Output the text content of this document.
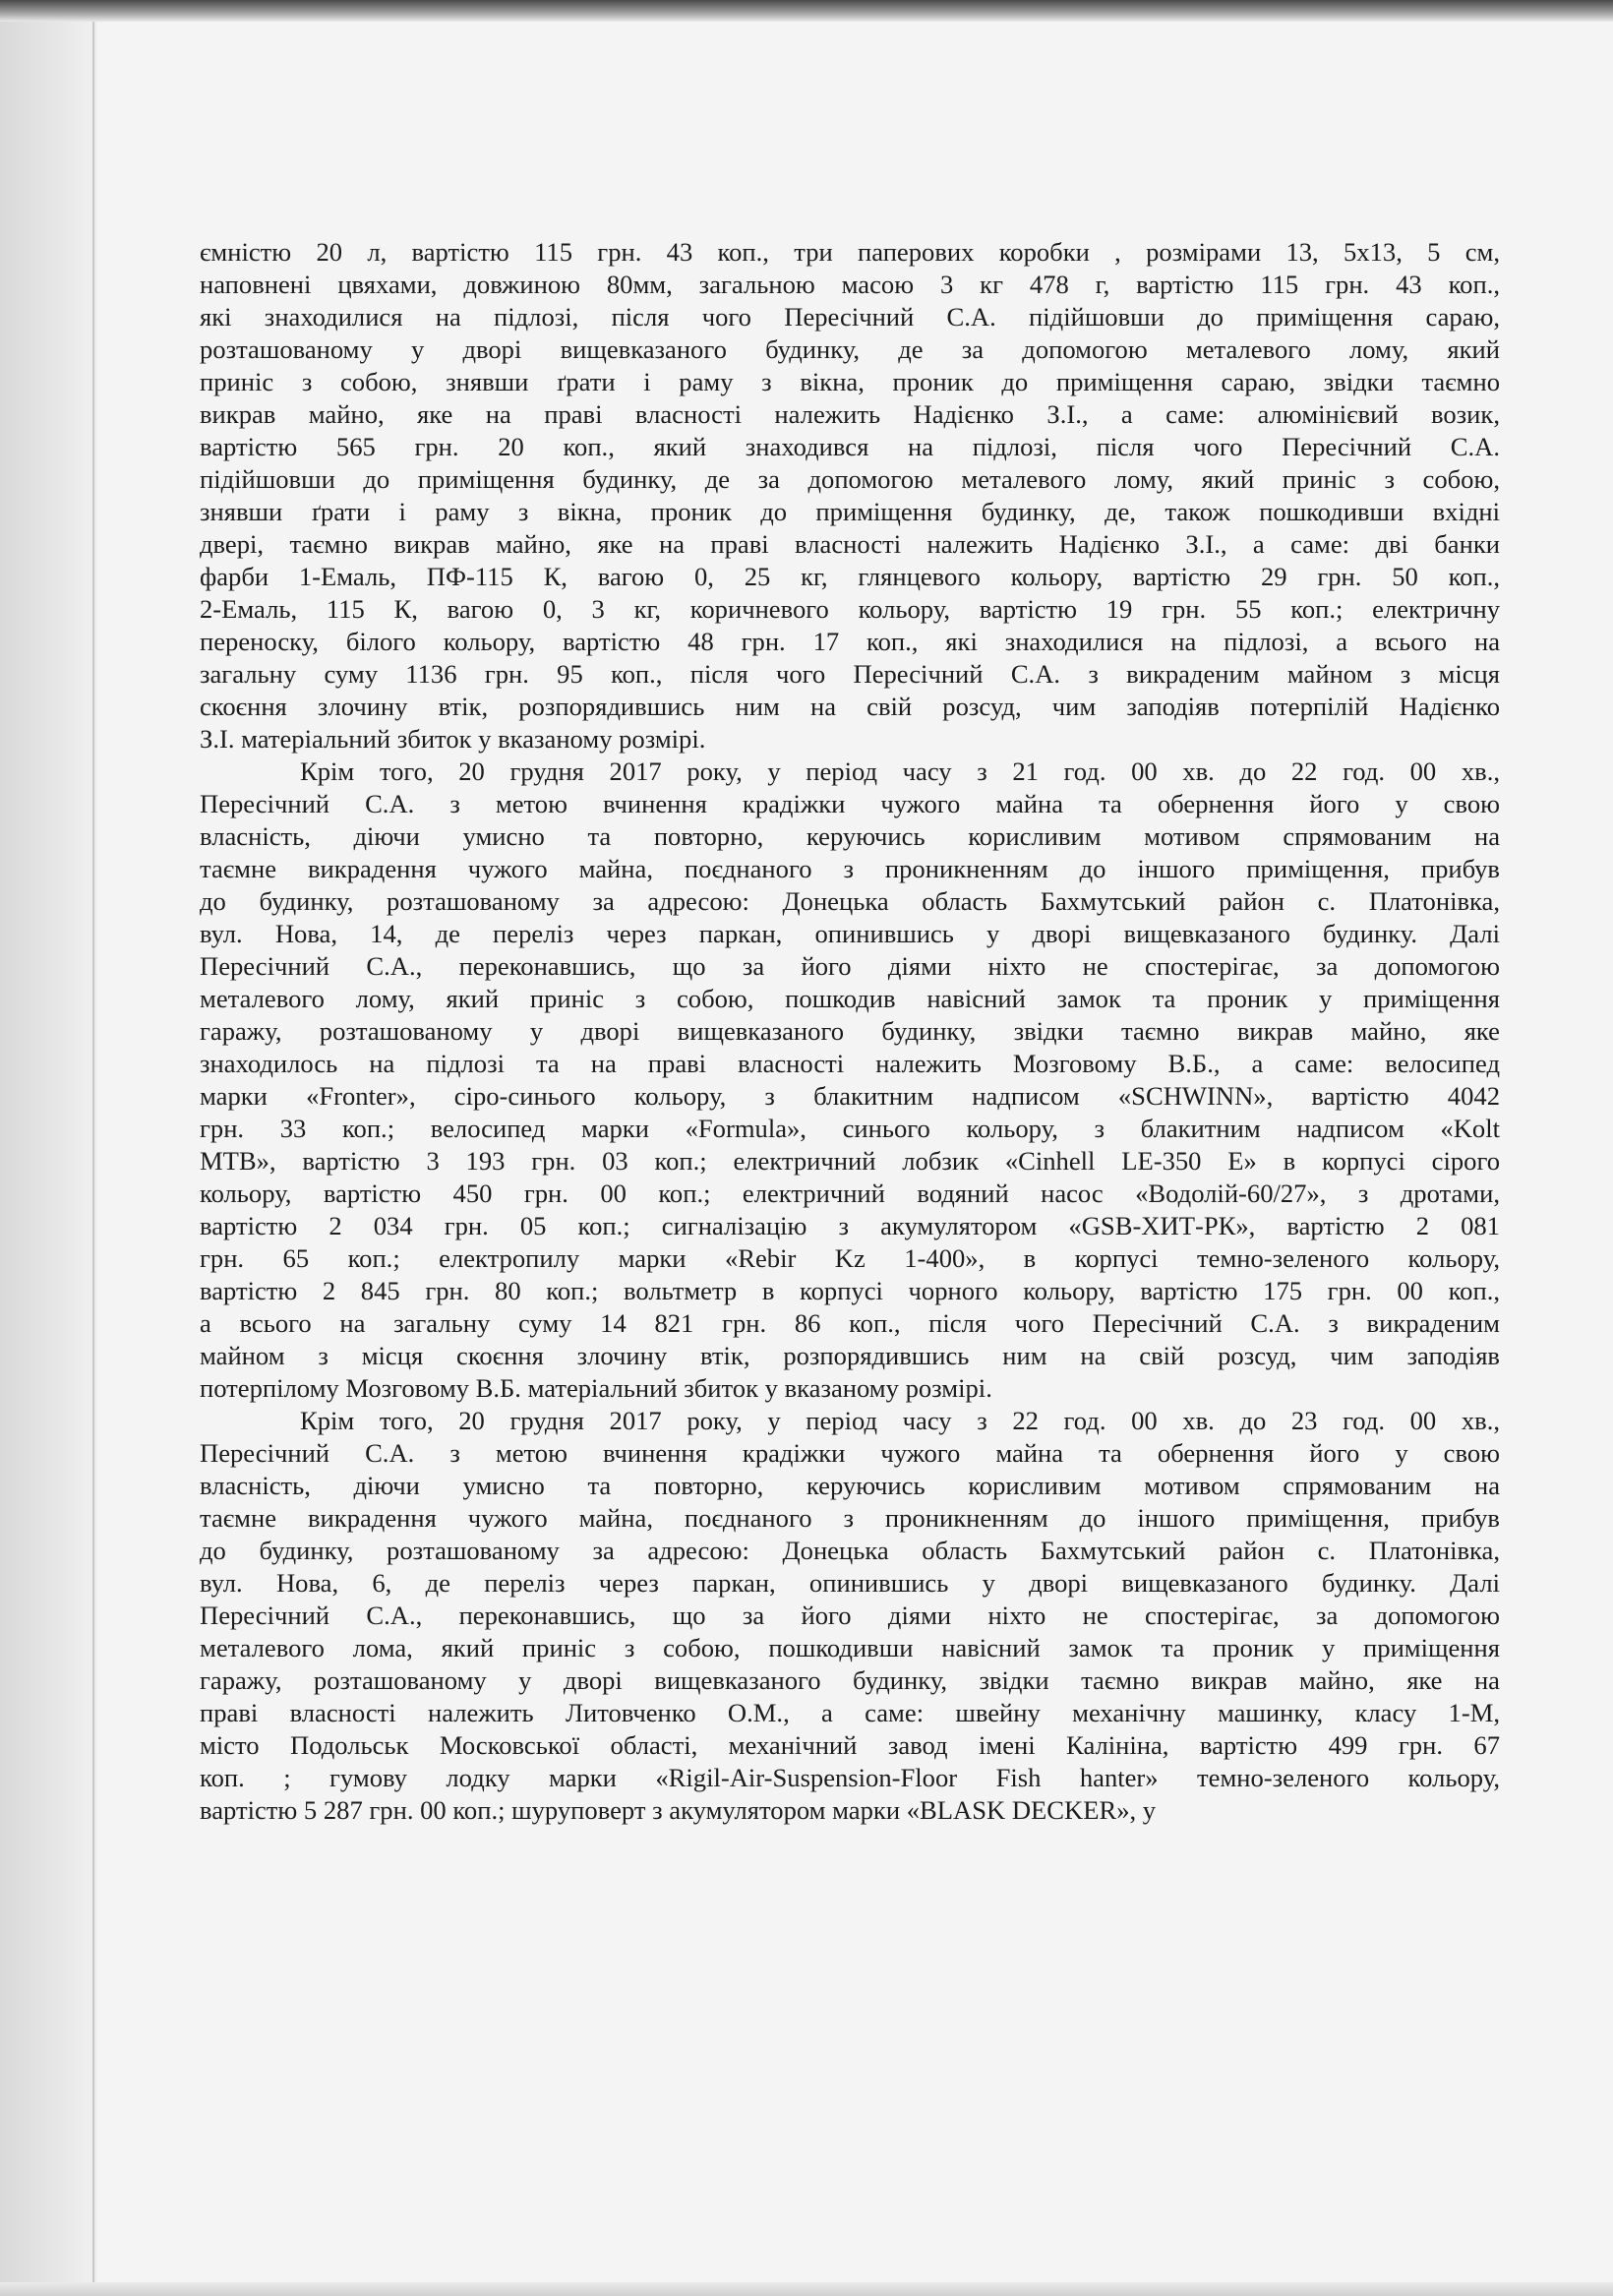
ємністю 20 л, вартістю 115 грн. 43 коп., три паперових коробки , розмірами 13, 5х13, 5 см,
наповнені цвяхами, довжиною 80мм, загальною масою 3 кг 478 г, вартістю 115 грн. 43 коп.,
які знаходилися на підлозі, після чого Пересічний С.А. підійшовши до приміщення сараю,
розташованому у дворі вищевказаного будинку, де за допомогою металевого лому, який
приніс з собою, знявши ґрати і раму з вікна, проник до приміщення сараю, звідки таємно
викрав майно, яке на праві власності належить Надієнко З.І., а саме: алюмінієвий возик,
вартістю 565 грн. 20 коп., який знаходився на підлозі, після чого Пересічний С.А.
підійшовши до приміщення будинку, де за допомогою металевого лому, який приніс з собою,
знявши ґрати і раму з вікна, проник до приміщення будинку, де, також пошкодивши вхідні
двері, таємно викрав майно, яке на праві власності належить Надієнко З.І., а саме: дві банки
фарби 1-Емаль, ПФ-115 К, вагою 0, 25 кг, глянцевого кольору, вартістю 29 грн. 50 коп.,
2-Емаль, 115 К, вагою 0, 3 кг, коричневого кольору, вартістю 19 грн. 55 коп.; електричну
переноску, білого кольору, вартістю 48 грн. 17 коп., які знаходилися на підлозі, а всього на
загальну суму 1136 грн. 95 коп., після чого Пересічний С.А. з викраденим майном з місця
скоєння злочину втік, розпорядившись ним на свій розсуд, чим заподіяв потерпілій Надієнко
З.І. матеріальний збиток у вказаному розмірі.

Крім того, 20 грудня 2017 року, у період часу з 21 год. 00 хв. до 22 год. 00 хв.,
Пересічний С.А. з метою вчинення крадіжки чужого майна та обернення його у свою
власність, діючи умисно та повторно, керуючись корисливим мотивом спрямованим на
таємне викрадення чужого майна, поєднаного з проникненням до іншого приміщення, прибув
до будинку, розташованому за адресою: Донецька область Бахмутський район с. Платонівка,
вул. Нова, 14, де переліз через паркан, опинившись у дворі вищевказаного будинку. Далі
Пересічний С.А., переконавшись, що за його діями ніхто не спостерігає, за допомогою
металевого лому, який приніс з собою, пошкодив навісний замок та проник у приміщення
гаражу, розташованому у дворі вищевказаного будинку, звідки таємно викрав майно, яке
знаходилось на підлозі та на праві власності належить Мозговому В.Б., а саме: велосипед
марки «Fronter», сіро-синього кольору, з блакитним надписом «SCHWINN», вартістю 4042
грн. 33 коп.; велосипед марки «Formula», синього кольору, з блакитним надписом «Kolt
MTB», вартістю 3 193 грн. 03 коп.; електричний лобзик «Cinhell LE-350 E» в корпусі сірого
кольору, вартістю 450 грн. 00 коп.; електричний водяний насос «Водолій-60/27», з дротами,
вартістю 2 034 грн. 05 коп.; сигналізацію з акумулятором «GSB-ХИТ-РК», вартістю 2 081
грн. 65 коп.; електропилу марки «Rebir Kz 1-400», в корпусі темно-зеленого кольору,
вартістю 2 845 грн. 80 коп.; вольтметр в корпусі чорного кольору, вартістю 175 грн. 00 коп.,
а всього на загальну суму 14 821 грн. 86 коп., після чого Пересічний С.А. з викраденим
майном з місця скоєння злочину втік, розпорядившись ним на свій розсуд, чим заподіяв
потерпілому Мозговому В.Б. матеріальний збиток у вказаному розмірі.

Крім того, 20 грудня 2017 року, у період часу з 22 год. 00 хв. до 23 год. 00 хв.,
Пересічний С.А. з метою вчинення крадіжки чужого майна та обернення його у свою
власність, діючи умисно та повторно, керуючись корисливим мотивом спрямованим на
таємне викрадення чужого майна, поєднаного з проникненням до іншого приміщення, прибув
до будинку, розташованому за адресою: Донецька область Бахмутський район с. Платонівка,
вул. Нова, 6, де переліз через паркан, опинившись у дворі вищевказаного будинку. Далі
Пересічний С.А., переконавшись, що за його діями ніхто не спостерігає, за допомогою
металевого лома, який приніс з собою, пошкодивши навісний замок та проник у приміщення
гаражу, розташованому у дворі вищевказаного будинку, звідки таємно викрав майно, яке на
праві власності належить Литовченко О.М., а саме: швейну механічну машинку, класу 1-М,
місто Подольськ Московської області, механічний завод імені Калініна, вартістю 499 грн. 67
коп. ; гумову лодку марки «Rigil-Air-Suspension-Floor Fish hanter» темно-зеленого кольору,
вартістю 5 287 грн. 00 коп.; шуруповерт з акумулятором марки «BLASK DECKER», у
